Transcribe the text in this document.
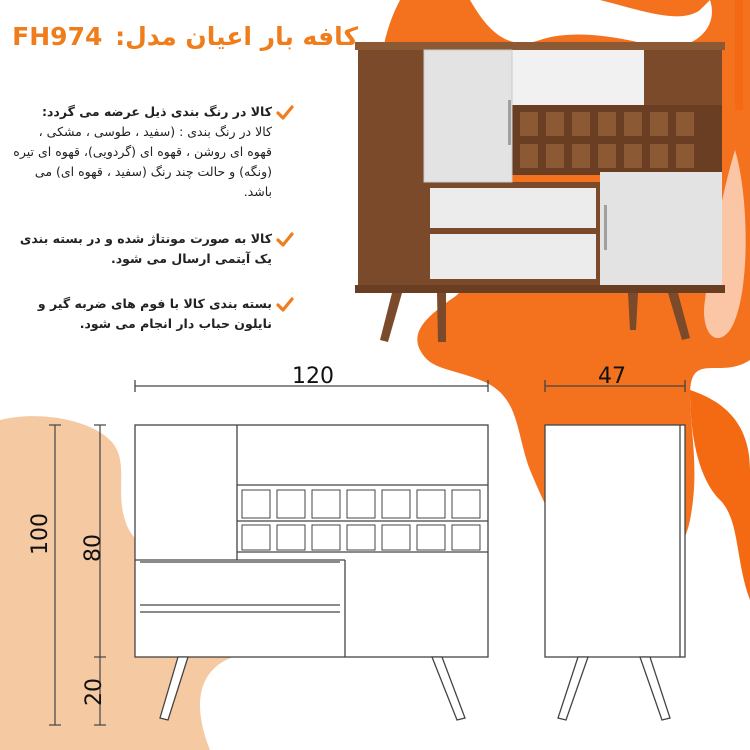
کافه بار اعیان مدل: FH974
کالا در رنگ بندی ذیل عرضه می گردد:
کالا در رنگ بندی : (سفید ، طوسی ، مشکی ، قهوه ای روشن ، قهوه ای (گردویی)، قهوه ای تیره (ونگه) و حالت چند رنگ (سفید ، قهوه ای) می باشد.
کالا به صورت مونتاژ شده و در بسته بندی یک آیتمی ارسال می شود.
بسته بندی کالا با فوم های ضربه گیر و نایلون حباب دار انجام می شود.
120	47
100 80
20
